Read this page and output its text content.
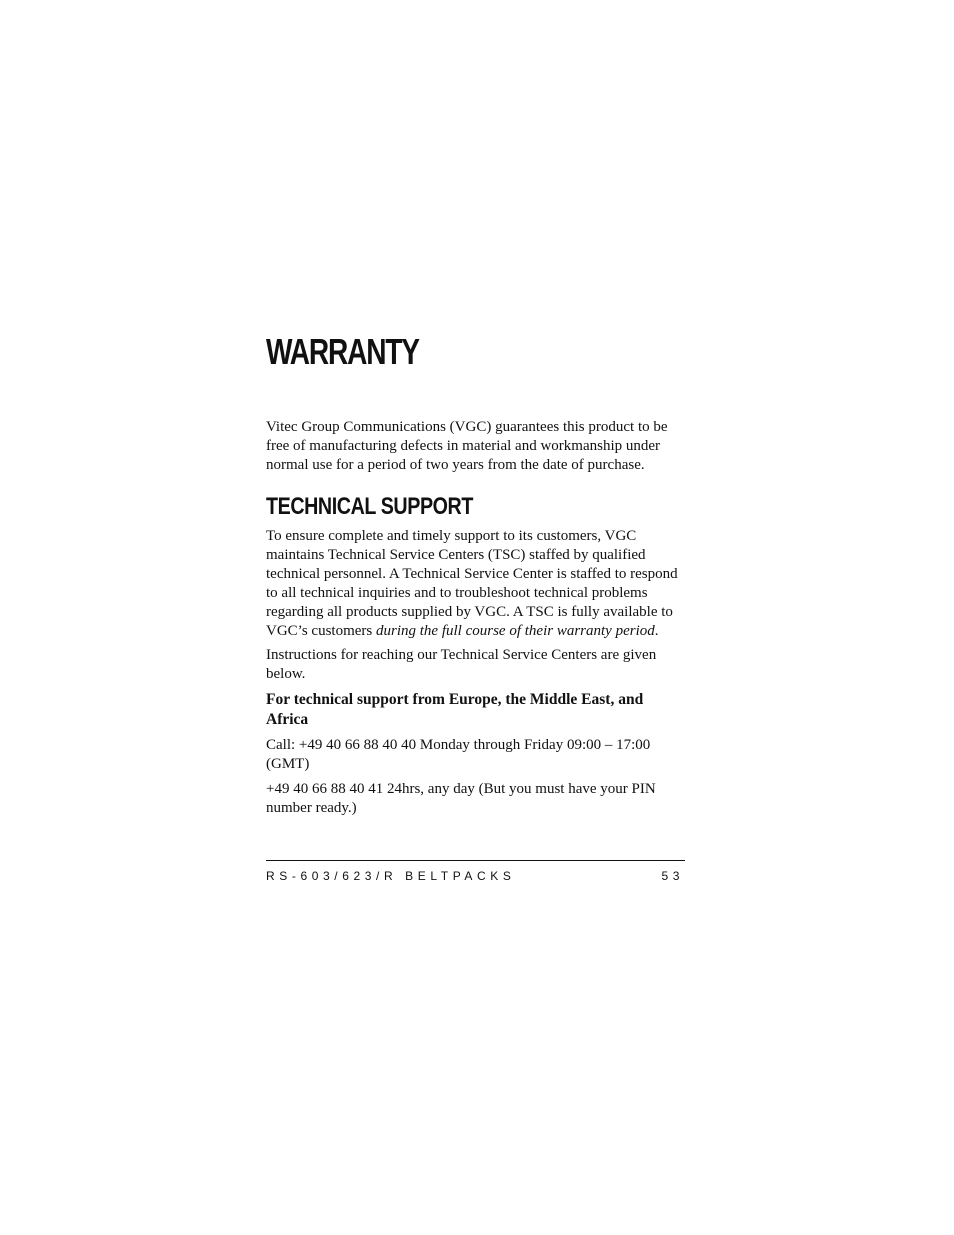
WARRANTY

Vitec Group Communications (VGC) guarantees this product to be free of manufacturing defects in material and workmanship under normal use for a period of two years from the date of purchase.

TECHNICAL SUPPORT

To ensure complete and timely support to its customers, VGC maintains Technical Service Centers (TSC) staffed by qualified technical personnel. A Technical Service Center is staffed to respond to all technical inquiries and to troubleshoot technical problems regarding all products supplied by VGC. A TSC is fully available to VGC’s customers during the full course of their warranty period.

Instructions for reaching our Technical Service Centers are given below.

For technical support from Europe, the Middle East, and Africa

Call: +49 40 66 88 40 40 Monday through Friday 09:00 – 17:00 (GMT)

+49 40 66 88 40 41 24hrs, any day (But you must have your PIN number ready.)

RS-603/623/R BELTPACKS	53
